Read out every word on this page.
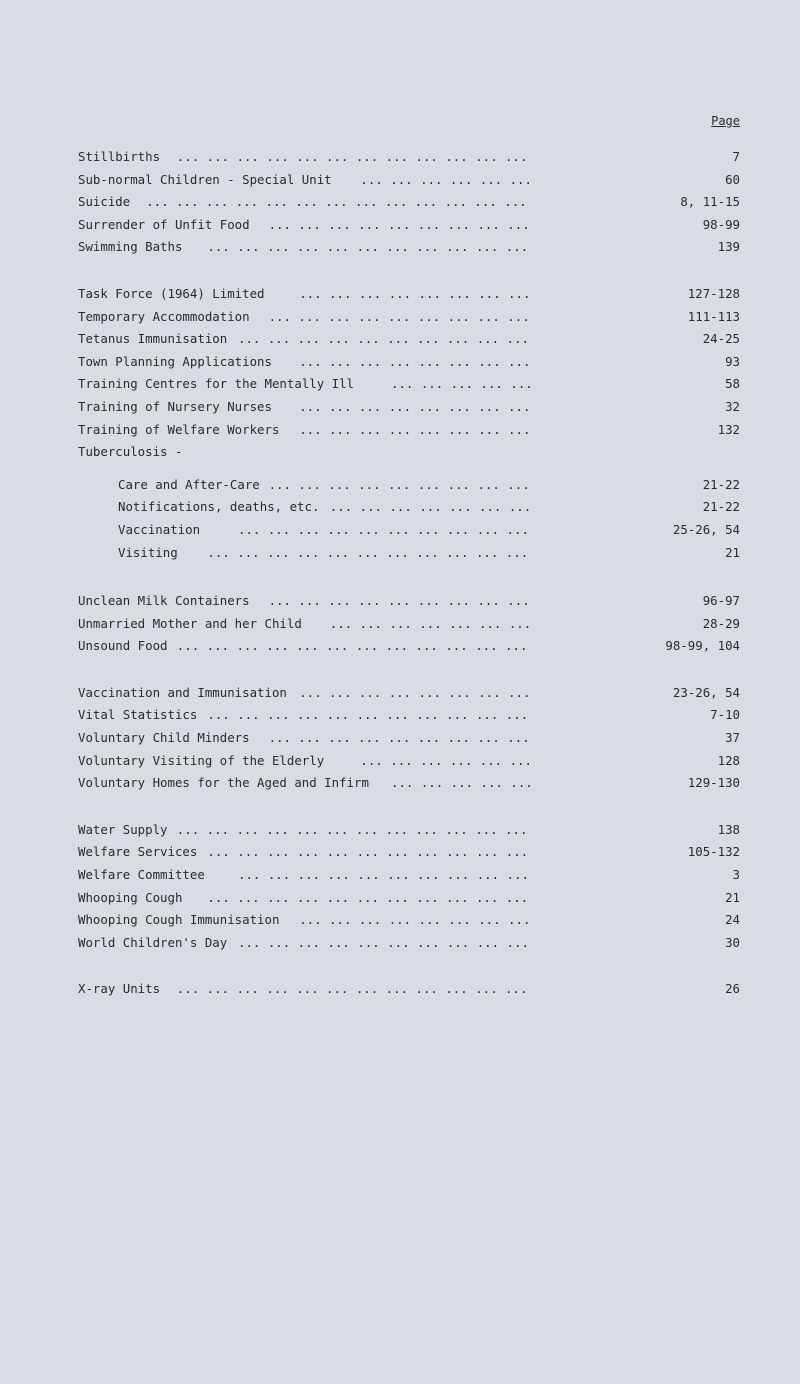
Page
Stillbirths	7
... ... ... ... ... ... ... ... ... ... ... ...
Sub-normal Children - Special Unit	60
... ... ... ... ... ...
Suicide	8, 11-15
... ... ... ... ... ... ... ... ... ... ... ... ...
Surrender of Unfit Food	98-99
... ... ... ... ... ... ... ... ...
Swimming Baths	139
... ... ... ... ... ... ... ... ... ... ...
Task Force (1964) Limited	127-128
... ... ... ... ... ... ... ...
Temporary Accommodation	111-113
... ... ... ... ... ... ... ... ...
Tetanus Immunisation	24-25
... ... ... ... ... ... ... ... ... ...
Town Planning Applications	93
... ... ... ... ... ... ... ...
Training Centres for the Mentally Ill	58
... ... ... ... ...
Training of Nursery Nurses	32
... ... ... ... ... ... ... ...
Training of Welfare Workers	132
... ... ... ... ... ... ... ...
Tuberculosis -
Care and After-Care	21-22
... ... ... ... ... ... ... ... ...
Notifications, deaths, etc.	21-22
... ... ... ... ... ... ...
Vaccination	25-26, 54
... ... ... ... ... ... ... ... ... ...
Visiting	21
... ... ... ... ... ... ... ... ... ... ...
Unclean Milk Containers	96-97
... ... ... ... ... ... ... ... ...
Unmarried Mother and her Child	28-29
... ... ... ... ... ... ...
Unsound Food	98-99, 104
... ... ... ... ... ... ... ... ... ... ... ...
Vaccination and Immunisation	23-26, 54
... ... ... ... ... ... ... ...
Vital Statistics	7-10
... ... ... ... ... ... ... ... ... ... ...
Voluntary Child Minders	37
... ... ... ... ... ... ... ... ...
Voluntary Visiting of the Elderly	128
... ... ... ... ... ...
Voluntary Homes for the Aged and Infirm	129-130
... ... ... ... ...
Water Supply	138
... ... ... ... ... ... ... ... ... ... ... ...
Welfare Services	105-132
... ... ... ... ... ... ... ... ... ... ...
Welfare Committee	3
... ... ... ... ... ... ... ... ... ...
Whooping Cough	21
... ... ... ... ... ... ... ... ... ... ...
Whooping Cough Immunisation	24
... ... ... ... ... ... ... ...
World Children's Day	30
... ... ... ... ... ... ... ... ... ...
X-ray Units	26
... ... ... ... ... ... ... ... ... ... ... ...
